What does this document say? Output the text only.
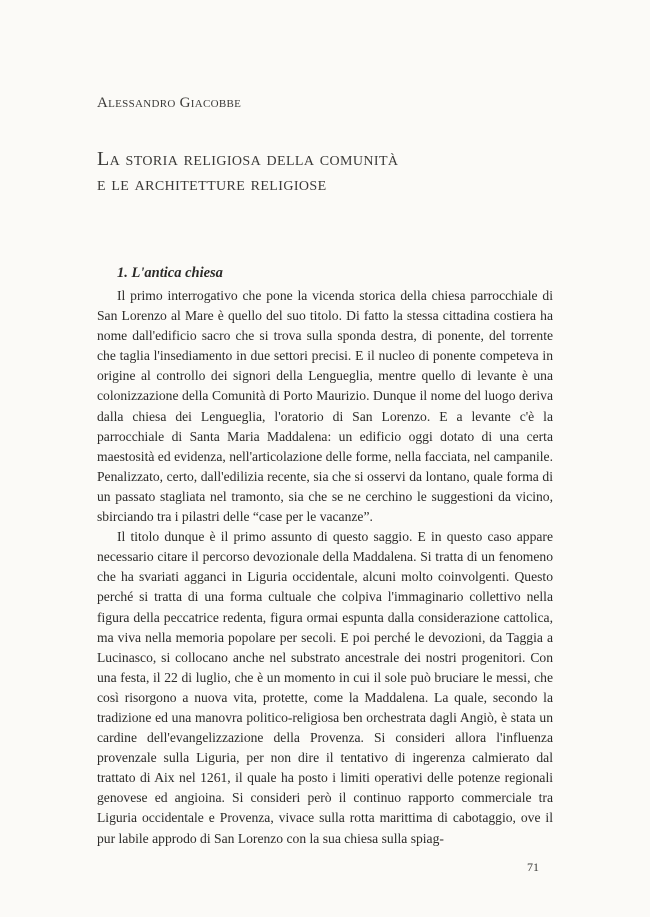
Alessandro Giacobbe
La storia religiosa della comunità
e le architetture religiose
1. L'antica chiesa

Il primo interrogativo che pone la vicenda storica della chiesa parrocchiale di San Lorenzo al Mare è quello del suo titolo. Di fatto la stessa cittadina costiera ha nome dall'edificio sacro che si trova sulla sponda destra, di ponente, del torrente che taglia l'insediamento in due settori precisi. E il nucleo di ponente competeva in origine al controllo dei signori della Lengueglia, mentre quello di levante è una colonizzazione della Comunità di Porto Maurizio. Dunque il nome del luogo deriva dalla chiesa dei Lengueglia, l'oratorio di San Lorenzo. E a levante c'è la parrocchiale di Santa Maria Maddalena: un edificio oggi dotato di una certa maestosità ed evidenza, nell'articolazione delle forme, nella facciata, nel campanile. Penalizzato, certo, dall'edilizia recente, sia che si osservi da lontano, quale forma di un passato stagliata nel tramonto, sia che se ne cerchino le suggestioni da vicino, sbirciando tra i pilastri delle “case per le vacanze”.

Il titolo dunque è il primo assunto di questo saggio. E in questo caso appare necessario citare il percorso devozionale della Maddalena. Si tratta di un fenomeno che ha svariati agganci in Liguria occidentale, alcuni molto coinvolgenti. Questo perché si tratta di una forma cultuale che colpiva l'immaginario collettivo nella figura della peccatrice redenta, figura ormai espunta dalla considerazione cattolica, ma viva nella memoria popolare per secoli. E poi perché le devozioni, da Taggia a Lucinasco, si collocano anche nel substrato ancestrale dei nostri progenitori. Con una festa, il 22 di luglio, che è un momento in cui il sole può bruciare le messi, che così risorgono a nuova vita, protette, come la Maddalena. La quale, secondo la tradizione ed una manovra politico-religiosa ben orchestrata dagli Angiò, è stata un cardine dell'evangelizzazione della Provenza. Si consideri allora l'influenza provenzale sulla Liguria, per non dire il tentativo di ingerenza calmierato dal trattato di Aix nel 1261, il quale ha posto i limiti operativi delle potenze regionali genovese ed angioina. Si consideri però il continuo rapporto commerciale tra Liguria occidentale e Provenza, vivace sulla rotta marittima di cabotaggio, ove il pur labile approdo di San Lorenzo con la sua chiesa sulla spiag-

71
